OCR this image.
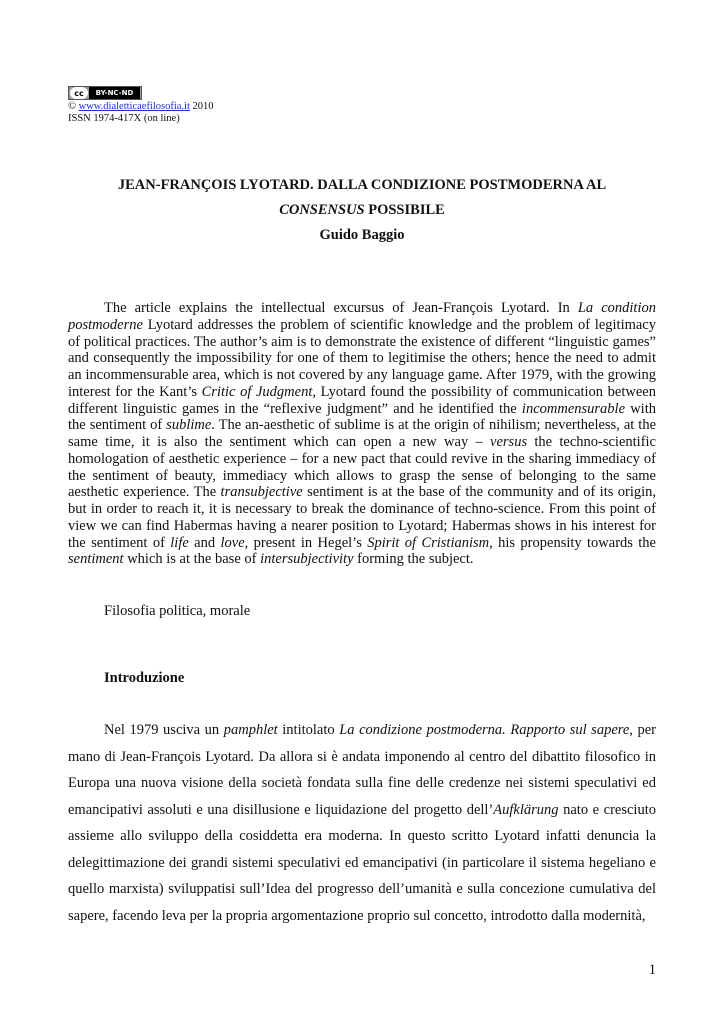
cc	BY-NC-ND
© www.dialetticaefilosofia.it 2010
ISSN 1974-417X (on line)
JEAN-FRANÇOIS LYOTARD. DALLA CONDIZIONE POSTMODERNA AL
CONSENSUS POSSIBILE
Guido Baggio

The article explains the intellectual excursus of Jean-François Lyotard. In La condition postmoderne Lyotard addresses the problem of scientific knowledge and the problem of legitimacy of political practices. The author’s aim is to demonstrate the existence of different “linguistic games” and consequently the impossibility for one of them to legitimise the others; hence the need to admit an incommensurable area, which is not covered by any language game. After 1979, with the growing interest for the Kant’s Critic of Judgment, Lyotard found the possibility of communication between different linguistic games in the “reflexive judgment” and he identified the incommensurable with the sentiment of sublime. The an-aesthetic of sublime is at the origin of nihilism; nevertheless, at the same time, it is also the sentiment which can open a new way – versus the techno-scientific homologation of aesthetic experience – for a new pact that could revive in the sharing immediacy of the sentiment of beauty, immediacy which allows to grasp the sense of belonging to the same aesthetic experience. The transubjective sentiment is at the base of the community and of its origin, but in order to reach it, it is necessary to break the dominance of techno-science. From this point of view we can find Habermas having a nearer position to Lyotard; Habermas shows in his interest for the sentiment of life and love, present in Hegel’s Spirit of Cristianism, his propensity towards the sentiment which is at the base of intersubjectivity forming the subject.

Filosofia politica, morale
Introduzione

Nel 1979 usciva un pamphlet intitolato La condizione postmoderna. Rapporto sul sapere, per mano di Jean-François Lyotard. Da allora si è andata imponendo al centro del dibattito filosofico in Europa una nuova visione della società fondata sulla fine delle credenze nei sistemi speculativi ed emancipativi assoluti e una disillusione e liquidazione del progetto dell’Aufklärung nato e cresciuto assieme allo sviluppo della cosiddetta era moderna. In questo scritto Lyotard infatti denuncia la delegittimazione dei grandi sistemi speculativi ed emancipativi (in particolare il sistema hegeliano e quello marxista) sviluppatisi sull’Idea del progresso dell’umanità e sulla concezione cumulativa del sapere, facendo leva per la propria argomentazione proprio sul concetto, introdotto dalla modernità,

1
